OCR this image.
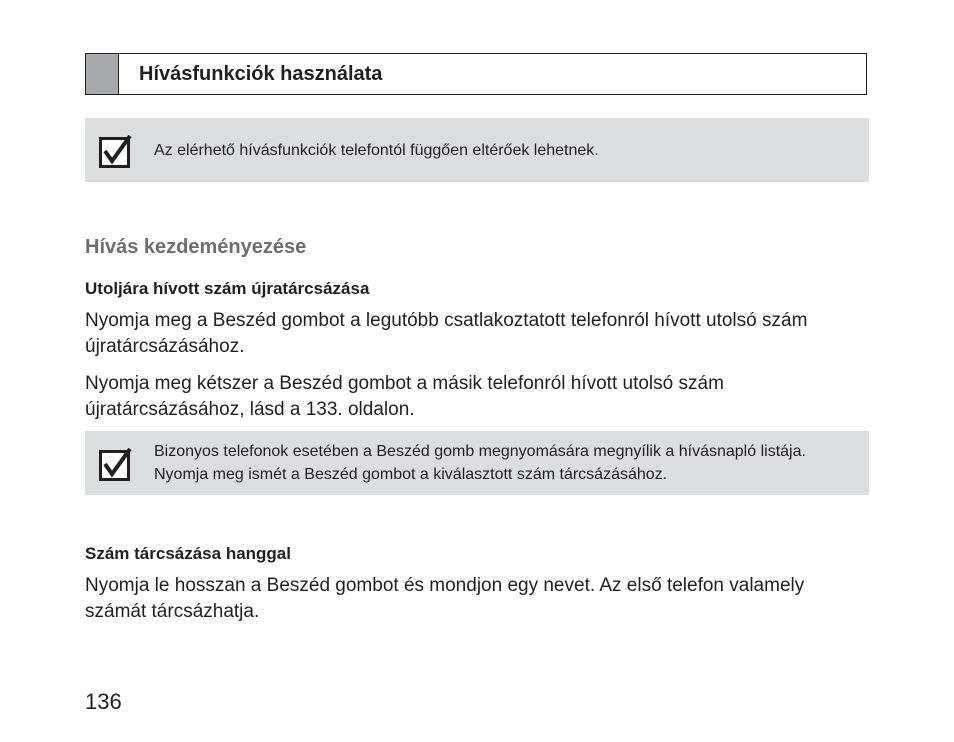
Hívásfunkciók használata
Az elérhető hívásfunkciók telefontól függően eltérőek lehetnek.
Hívás kezdeményezése
Utoljára hívott szám újratárcsázása
Nyomja meg a Beszéd gombot a legutóbb csatlakoztatott telefonról hívott utolsó szám újratárcsázásához.
Nyomja meg kétszer a Beszéd gombot a másik telefonról hívott utolsó szám újratárcsázásához, lásd a 133. oldalon.
Bizonyos telefonok esetében a Beszéd gomb megnyomására megnyílik a hívásnapló listája. Nyomja meg ismét a Beszéd gombot a kiválasztott szám tárcsázásához.
Szám tárcsázása hanggal
Nyomja le hosszan a Beszéd gombot és mondjon egy nevet. Az első telefon valamely számát tárcsázhatja.
136
